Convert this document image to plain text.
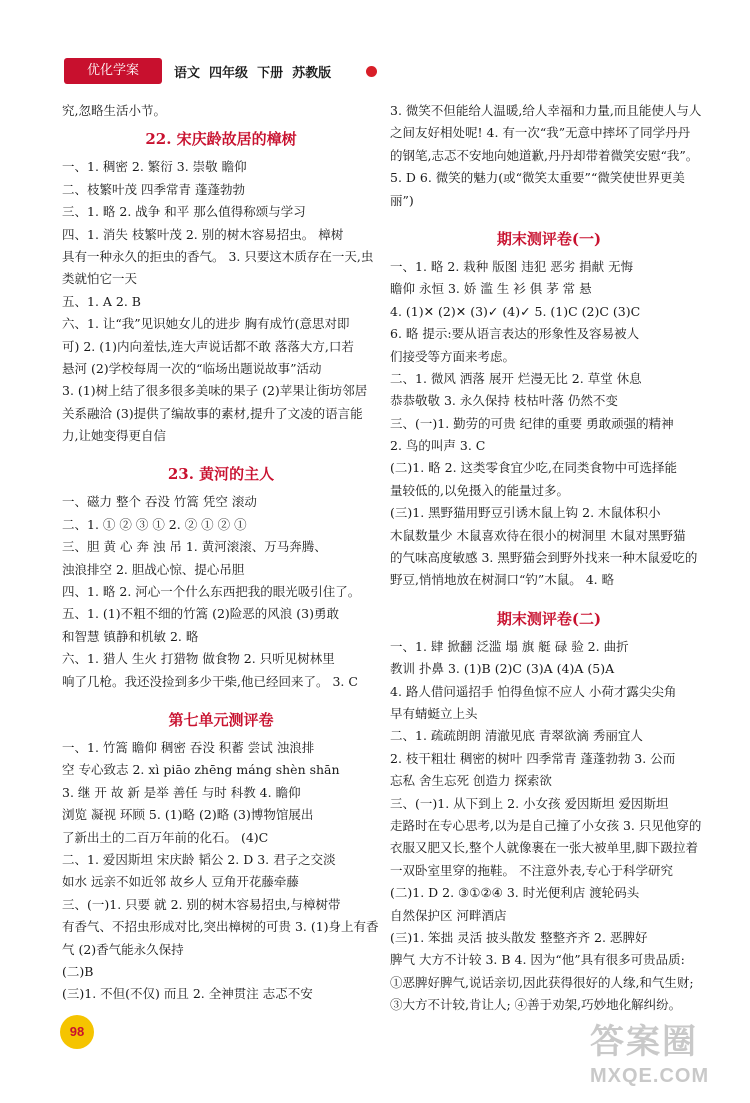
优化学案	语文  四年级  下册  苏教版
究,忽略生活小节。
22. 宋庆龄故居的樟树
一、1. 稠密 2. 繁衍 3. 崇敬 瞻仰
二、枝繁叶茂 四季常青 蓬蓬勃勃
三、1. 略 2. 战争 和平 那么值得称颂与学习
四、1. 消失 枝繁叶茂 2. 别的树木容易招虫。 樟树
具有一种永久的拒虫的香气。 3. 只要这木质存在一天,虫
类就怕它一天
五、1. A 2. B
六、1. 让“我”见识她女儿的进步 胸有成竹(意思对即
可) 2. (1)内向羞怯,连大声说话都不敢 落落大方,口若
悬河 (2)学校每周一次的“临场出题说故事”活动
3. (1)树上结了很多很多美味的果子 (2)苹果让街坊邻居
关系融洽 (3)提供了编故事的素材,提升了文凌的语言能
力,让她变得更自信
23. 黄河的主人
一、磁力 整个 吞没 竹篙 凭空 滚动
二、1. ① ② ③ ① 2. ② ① ② ①
三、胆 黄 心 奔 浊 吊 1. 黄河滚滚、万马奔腾、
浊浪排空 2. 胆战心惊、提心吊胆
四、1. 略 2. 河心一个什么东西把我的眼光吸引住了。
五、1. (1)不粗不细的竹篙 (2)险恶的风浪 (3)勇敢
和智慧 镇静和机敏 2. 略
六、1. 猎人 生火 打猎物 做食物 2. 只听见树林里
响了几枪。我还没捡到多少干柴,他已经回来了。 3. C
第七单元测评卷
一、1. 竹篙 瞻仰 稠密 吞没 积蓄 尝试 浊浪排
空 专心致志 2. xì piāo zhēng máng shèn shān
3. 继 开 故 新 是举 善任 与时 科教 4. 瞻仰
浏览 凝视 环顾 5. (1)略 (2)略 (3)博物馆展出
了新出土的二百万年前的化石。 (4)C
二、1. 爱因斯坦 宋庆龄 韬公 2. D 3. 君子之交淡
如水 远亲不如近邻 故乡人 豆角开花藤牵藤
三、(一)1. 只要 就 2. 别的树木容易招虫,与樟树带
有香气、不招虫形成对比,突出樟树的可贵 3. (1)身上有香
气 (2)香气能永久保持
(二)B
(三)1. 不但(不仅) 而且 2. 全神贯注 志忑不安
3. 微笑不但能给人温暖,给人幸福和力量,而且能使人与人
之间友好相处呢! 4. 有一次“我”无意中摔坏了同学丹丹
的钢笔,志忑不安地向她道歉,丹丹却带着微笑安慰“我”。
5. D 6. 微笑的魅力(或“微笑太重要”“微笑使世界更美
丽”)
期末测评卷(一)
一、1. 略 2. 栽种 版图 违犯 恶劣 捐献 无悔
瞻仰 永恒 3. 娇 滥 生 衫 俱 茅 常 悬
4. (1)✕ (2)✕ (3)✓ (4)✓ 5. (1)C (2)C (3)C
6. 略 提示:要从语言表达的形象性及容易被人
们接受等方面来考虑。
二、1. 微风 洒落 展开 烂漫无比 2. 草堂 休息
恭恭敬敬 3. 永久保持 枝枯叶落 仍然不变
三、(一)1. 勤劳的可贵 纪律的重要 勇敢顽强的精神
2. 鸟的叫声 3. C
(二)1. 略 2. 这类零食宜少吃,在同类食物中可选择能
量较低的,以免摄入的能量过多。
(三)1. 黑野猫用野豆引诱木鼠上钩 2. 木鼠体积小
木鼠数量少 木鼠喜欢待在很小的树洞里 木鼠对黑野猫
的气味高度敏感 3. 黑野猫会到野外找来一种木鼠爱吃的
野豆,悄悄地放在树洞口“钓”木鼠。 4. 略
期末测评卷(二)
一、1. 肆 掀翻 泛滥 塌 旗 艇 碌 验 2. 曲折
教训 扑鼻 3. (1)B (2)C (3)A (4)A (5)A
4. 路人借问遥招手 怕得鱼惊不应人 小荷才露尖尖角
早有蜻蜓立上头
二、1. 疏疏朗朗 清澈见底 青翠欲滴 秀丽宜人
2. 枝干粗壮 稠密的树叶 四季常青 蓬蓬勃勃 3. 公而
忘私 舍生忘死 创造力 探索欲
三、(一)1. 从下到上 2. 小女孩 爱因斯坦 爱因斯坦
走路时在专心思考,以为是自己撞了小女孩 3. 只见他穿的
衣服又肥又长,整个人就像裹在一张大被单里,脚下趿拉着
一双卧室里穿的拖鞋。 不注意外表,专心于科学研究
(二)1. D 2. ③①②④ 3. 时光便利店 渡轮码头
自然保护区 河畔酒店
(三)1. 笨拙 灵活 披头散发 整整齐齐 2. 恶脾好
脾气 大方不计较 3. B 4. 因为“他”具有很多可贵品质:
①恶脾好脾气,说话亲切,因此获得很好的人缘,和气生财;
③大方不计较,肯让人; ④善于劝架,巧妙地化解纠纷。
98	答案圈
MXQE.COM
